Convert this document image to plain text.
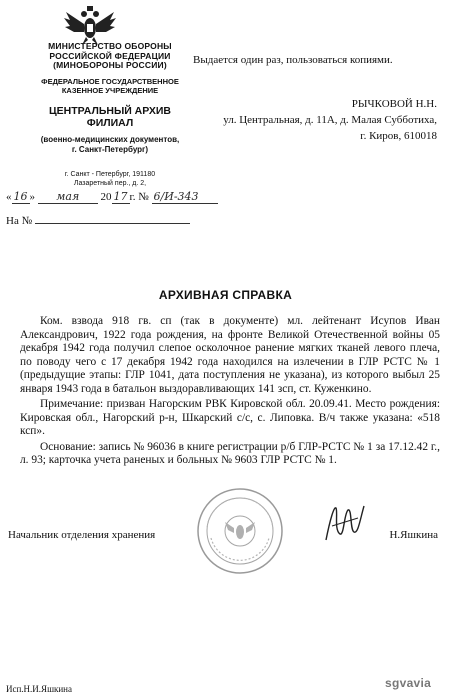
МИНИСТЕРСТВО ОБОРОНЫ
РОССИЙСКОЙ ФЕДЕРАЦИИ
(МИНОБОРОНЫ РОССИИ)
ФЕДЕРАЛЬНОЕ ГОСУДАРСТВЕННОЕ
КАЗЕННОЕ УЧРЕЖДЕНИЕ
ЦЕНТРАЛЬНЫЙ АРХИВ
ФИЛИАЛ
(военно-медицинских документов,
г. Санкт-Петербург)
г. Санкт - Петербург, 191180
Лазаретный пер., д. 2,
Выдается один раз, пользоваться копиями.
РЫЧКОВОЙ Н.Н.
ул. Центральная, д. 11А, д. Малая Субботиха,
г. Киров, 610018
« 16 » мая 20 17 г. № 6/И-343
На №
АРХИВНАЯ СПРАВКА

Ком. взвода 918 гв. сп (так в документе) мл. лейтенант Исупов Иван Александрович, 1922 года рождения, на фронте Великой Отечественной войны 05 декабря 1942 года получил слепое осколочное ранение мягких тканей левого плеча, по поводу чего с 17 декабря 1942 года находился на излечении в ГЛР РСТС № 1 (предыдущие этапы: ГЛР 1041, дата поступления не указана), из которого выбыл 25 января 1943 года в батальон выздоравливающих 141 зсп, ст. Куженкино.

Примечание: призван Нагорским РВК Кировской обл. 20.09.41. Место рождения: Кировская обл., Нагорский р-н, Шкарский с/с, с. Липовка. В/ч также указана: «518 ксп».

Основание: запись № 96036 в книге регистрации р/б ГЛР-РСТС № 1 за 17.12.42 г., л. 93; карточка учета раненых и больных № 9603 ГЛР РСТС № 1.

Начальник отделения хранения	Н.Яшкина
Исп.Н.И.Яшкина	sgvavia
